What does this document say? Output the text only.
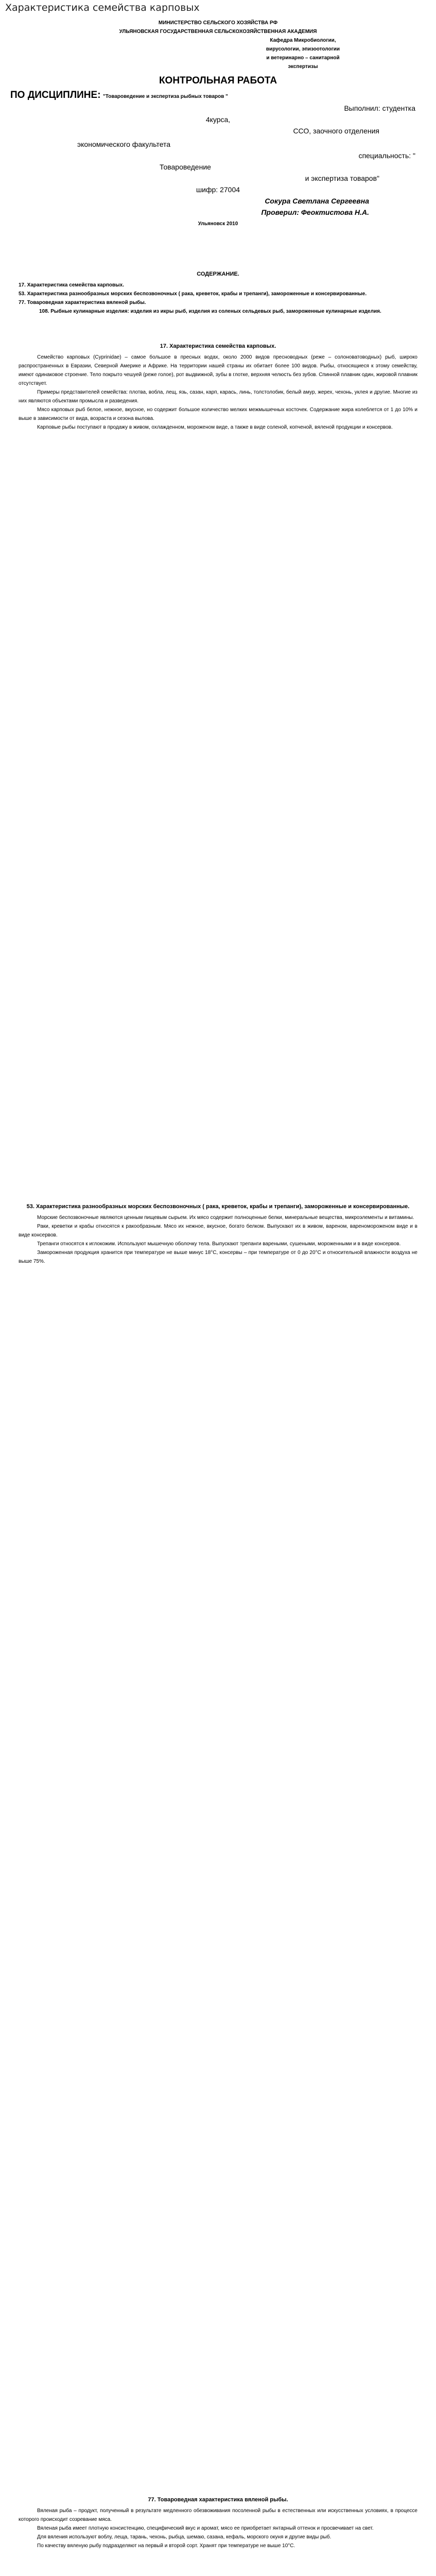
Характеристика семейства карповых
МИНИСТЕРСТВО СЕЛЬСКОГО ХОЗЯЙСТВА РФ
УЛЬЯНОВСКАЯ ГОСУДАРСТВЕННАЯ СЕЛЬСКОХОЗЯЙСТВЕННАЯ АКАДЕМИЯ
Кафедра Микробиологии,
вирусологии, эпизоотологии
и ветеринарно – санитарной
экспертизы
КОНТРОЛЬНАЯ РАБОТА
ПО ДИСЦИПЛИНЕ: "Товароведение и экспертиза рыбных товаров "
Выполнил: студентка
4курса,
ССО, заочного отделения
экономического факультета
специальность: "
Товароведение
и экспертиза товаров"
шифр: 27004
Сокура Светлана Сергеевна
Проверил: Феоктистова Н.А.
Ульяновск 2010
СОДЕРЖАНИЕ.

17. Характеристика семейства карповых.

53. Характеристика разнообразных морских беспозвоночных ( рака, креветок, крабы и трепанги), замороженные и консервированные.

77. Товароведная характеристика вяленой рыбы.

108. Рыбные кулинарные изделия: изделия из икры рыб, изделия из соленых сельдевых рыб, замороженные кулинарные изделия.

17. Характеристика семейства карповых.

Семейство карповых (Cyprinidae) – самое большое в пресных водах, около 2000 видов пресноводных (реже – солоноватоводных) рыб, широко распространенных в Евразии, Северной Америке и Африке. На территории нашей страны их обитает более 100 видов. Рыбы, относящиеся к этому семейству, имеют одинаковое строение. Тело покрыто чешуей (реже голое), рот выдвижной, зубы в глотке, верхняя челюсть без зубов. Спинной плавник один, жировой плавник отсутствует.

Примеры представителей семейства: плотва, вобла, лещ, язь, сазан, карп, карась, линь, толстолобик, белый амур, жерех, чехонь, уклея и другие. Многие из них являются объектами промысла и разведения.

Мясо карповых рыб белое, нежное, вкусное, но содержит большое количество мелких межмышечных косточек. Содержание жира колеблется от 1 до 10% и выше в зависимости от вида, возраста и сезона вылова.

Карповые рыбы поступают в продажу в живом, охлажденном, мороженом виде, а также в виде соленой, копченой, вяленой продукции и консервов.

53. Характеристика разнообразных морских беспозвоночных ( рака, креветок, крабы и трепанги), замороженные и консервированные.

Морские беспозвоночные являются ценным пищевым сырьем. Их мясо содержит полноценные белки, минеральные вещества, микроэлементы и витамины.

Раки, креветки и крабы относятся к ракообразным. Мясо их нежное, вкусное, богато белком. Выпускают их в живом, вареном, вареномороженом виде и в виде консервов.

Трепанги относятся к иглокожим. Используют мышечную оболочку тела. Выпускают трепанги вареными, сушеными, мороженными и в виде консервов.

Замороженная продукция хранится при температуре не выше минус 18°С, консервы – при температуре от 0 до 20°С и относительной влажности воздуха не выше 75%.

77. Товароведная характеристика вяленой рыбы.

Вяленая рыба – продукт, полученный в результате медленного обезвоживания посоленной рыбы в естественных или искусственных условиях, в процессе которого происходит созревание мяса.

Вяленая рыба имеет плотную консистенцию, специфический вкус и аромат, мясо ее приобретает янтарный оттенок и просвечивает на свет.

Для вяления используют воблу, леща, тарань, чехонь, рыбца, шемаю, сазана, кефаль, морского окуня и другие виды рыб.

По качеству вяленую рыбу подразделяют на первый и второй сорт. Хранят при температуре не выше 10°С.
